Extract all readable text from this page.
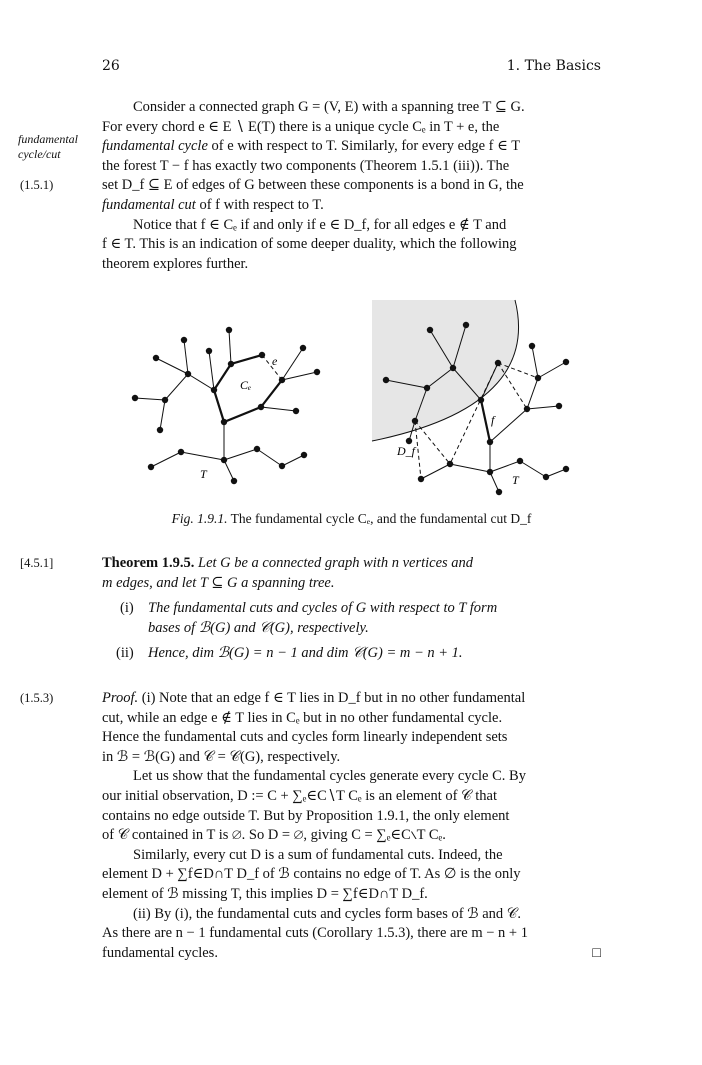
26	1. The Basics
fundamental
cycle/cut
(1.5.1)
[4.5.1]
(1.5.3)

Consider a connected graph G = (V, E) with a spanning tree T ⊆ G.
For every chord e ∈ E ∖ E(T) there is a unique cycle Cₑ in T + e, the
fundamental cycle of e with respect to T. Similarly, for every edge f ∈ T
the forest T − f has exactly two components (Theorem 1.5.1 (iii)). The
set D_f ⊆ E of edges of G between these components is a bond in G, the
fundamental cut of f with respect to T.

Notice that f ∈ Cₑ if and only if e ∈ D_f, for all edges e ∉ T and
f ∈ T. This is an indication of some deeper duality, which the following
theorem explores further.

Cₑ
e
T
D_f
f
T
Fig. 1.9.1. The fundamental cycle Cₑ, and the fundamental cut D_f

Theorem 1.9.5. Let G be a connected graph with n vertices and
m edges, and let T ⊆ G a spanning tree.

(i) The fundamental cuts and cycles of G with respect to T form
bases of ℬ(G) and 𝒞(G), respectively.

(ii) Hence, dim ℬ(G) = n − 1 and dim 𝒞(G) = m − n + 1.

Proof. (i) Note that an edge f ∈ T lies in D_f but in no other fundamental
cut, while an edge e ∉ T lies in Cₑ but in no other fundamental cycle.
Hence the fundamental cuts and cycles form linearly independent sets
in ℬ = ℬ(G) and 𝒞 = 𝒞(G), respectively.

Let us show that the fundamental cycles generate every cycle C. By
our initial observation, D := C + ∑ₑ∈C∖T Cₑ is an element of 𝒞 that
contains no edge outside T. But by Proposition 1.9.1, the only element
of 𝒞 contained in T is ∅. So D = ∅, giving C = ∑ₑ∈C∖T Cₑ.

Similarly, every cut D is a sum of fundamental cuts. Indeed, the
element D + ∑f∈D∩T D_f of ℬ contains no edge of T. As ∅ is the only
element of ℬ missing T, this implies D = ∑f∈D∩T D_f.

(ii) By (i), the fundamental cuts and cycles form bases of ℬ and 𝒞.
As there are n − 1 fundamental cuts (Corollary 1.5.3), there are m − n + 1
fundamental cycles.	□
